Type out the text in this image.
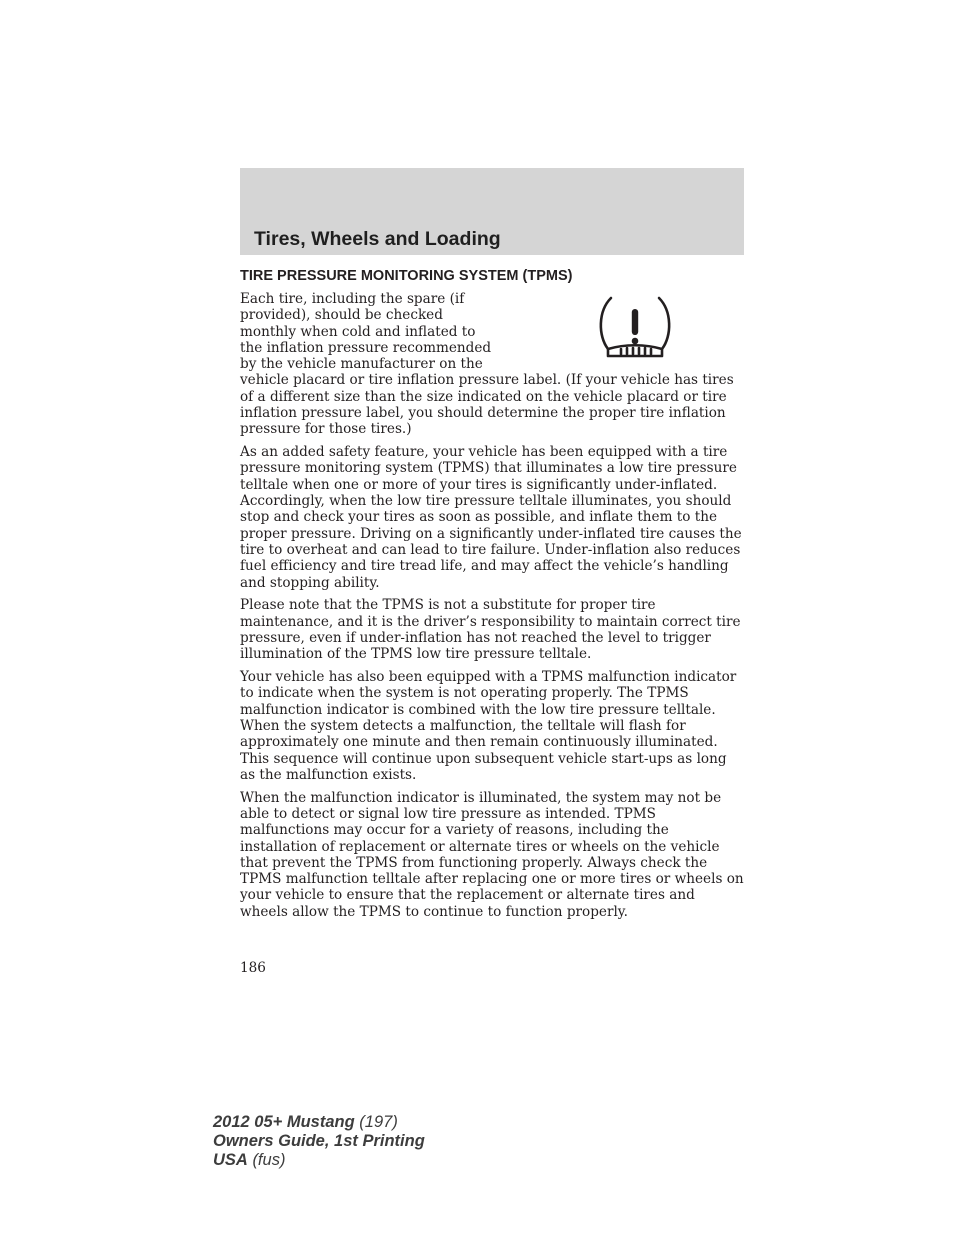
Tires, Wheels and Loading
TIRE PRESSURE MONITORING SYSTEM (TPMS)

Each tire, including the spare (if provided), should be checked monthly when cold and inflated to the inflation pressure recommended by the vehicle manufacturer on the vehicle placard or tire inflation pressure label. (If your vehicle has tires of a different size than the size indicated on the vehicle placard or tire inflation pressure label, you should determine the proper tire inflation pressure for those tires.)

As an added safety feature, your vehicle has been equipped with a tire pressure monitoring system (TPMS) that illuminates a low tire pressure telltale when one or more of your tires is significantly under-inflated. Accordingly, when the low tire pressure telltale illuminates, you should stop and check your tires as soon as possible, and inflate them to the proper pressure. Driving on a significantly under-inflated tire causes the tire to overheat and can lead to tire failure. Under-inflation also reduces fuel efficiency and tire tread life, and may affect the vehicle’s handling and stopping ability.

Please note that the TPMS is not a substitute for proper tire maintenance, and it is the driver’s responsibility to maintain correct tire pressure, even if under-inflation has not reached the level to trigger illumination of the TPMS low tire pressure telltale.

Your vehicle has also been equipped with a TPMS malfunction indicator to indicate when the system is not operating properly. The TPMS malfunction indicator is combined with the low tire pressure telltale. When the system detects a malfunction, the telltale will flash for approximately one minute and then remain continuously illuminated. This sequence will continue upon subsequent vehicle start-ups as long as the malfunction exists.

When the malfunction indicator is illuminated, the system may not be able to detect or signal low tire pressure as intended. TPMS malfunctions may occur for a variety of reasons, including the installation of replacement or alternate tires or wheels on the vehicle that prevent the TPMS from functioning properly. Always check the TPMS malfunction telltale after replacing one or more tires or wheels on your vehicle to ensure that the replacement or alternate tires and wheels allow the TPMS to continue to function properly.

186
2012 05+ Mustang (197)
Owners Guide, 1st Printing
USA (fus)
